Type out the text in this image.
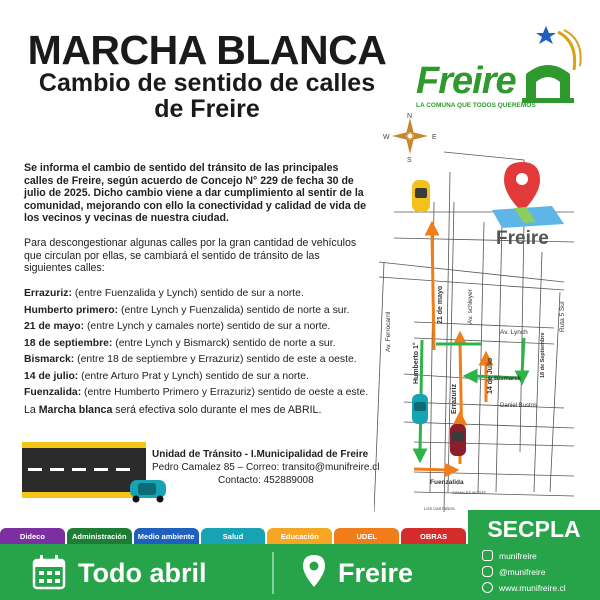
MARCHA BLANCA
Cambio de sentido de calles
de Freire
Freire
LA COMUNA QUE TODOS QUEREMOS
Se informa el cambio de sentido del tránsito de las principales calles de Freire, según acuerdo de Concejo N° 229 de fecha 30 de julio de 2025. Dicho cambio viene a dar cumplimiento al sentir de la comunidad, mejorando con ello la conectividad y calidad de vida de los vecinos y vecinas de nuestra ciudad.
Para descongestionar algunas calles por la gran cantidad de vehículos que circulan por ellas, se cambiará el sentido de tránsito de las siguientes calles:
Errazuriz: (entre Fuenzalida y Lynch) sentido de sur a norte.
Humberto primero: (entre Lynch y Fuenzalida) sentido de norte a sur.
21 de mayo: (entre Lynch y camales norte) sentido de sur a norte.
18 de septiembre: (entre Lynch y Bismarck) sentido de norte a sur.
Bismarck: (entre 18 de septiembre y Errazuriz) sentido de este a oeste.
14 de julio: (entre Arturo Prat y Lynch) sentido de sur a norte.
Fuenzalida: (entre Humberto Primero y Errazuriz) sentido de oeste a este.
La Marcha blanca será efectiva solo durante el mes de ABRIL.
Unidad de Tránsito - I.Municipalidad de Freire
Pedro Camalez 85 – Correo: transito@munifreire.cl
Contacto: 452889008
N
S
E
W
Freire
Av. Ferrocarril
Av. schleyer
Av. Lynch
Ruta 5 Sur
21 de mayo
Humberto 1°
Errazuriz
14 de Julio	18 de Septiembre
Bismarck
Daniel Bustos
Fuenzalida
CAMALES NORTE
LOS CASTAÑOS
Dideco	Administración	Medio ambiente	Salud	Educación	UDEL	OBRAS
Todo abril	Freire
SECPLA
munifreire
@munifreire
www.munifreire.cl
